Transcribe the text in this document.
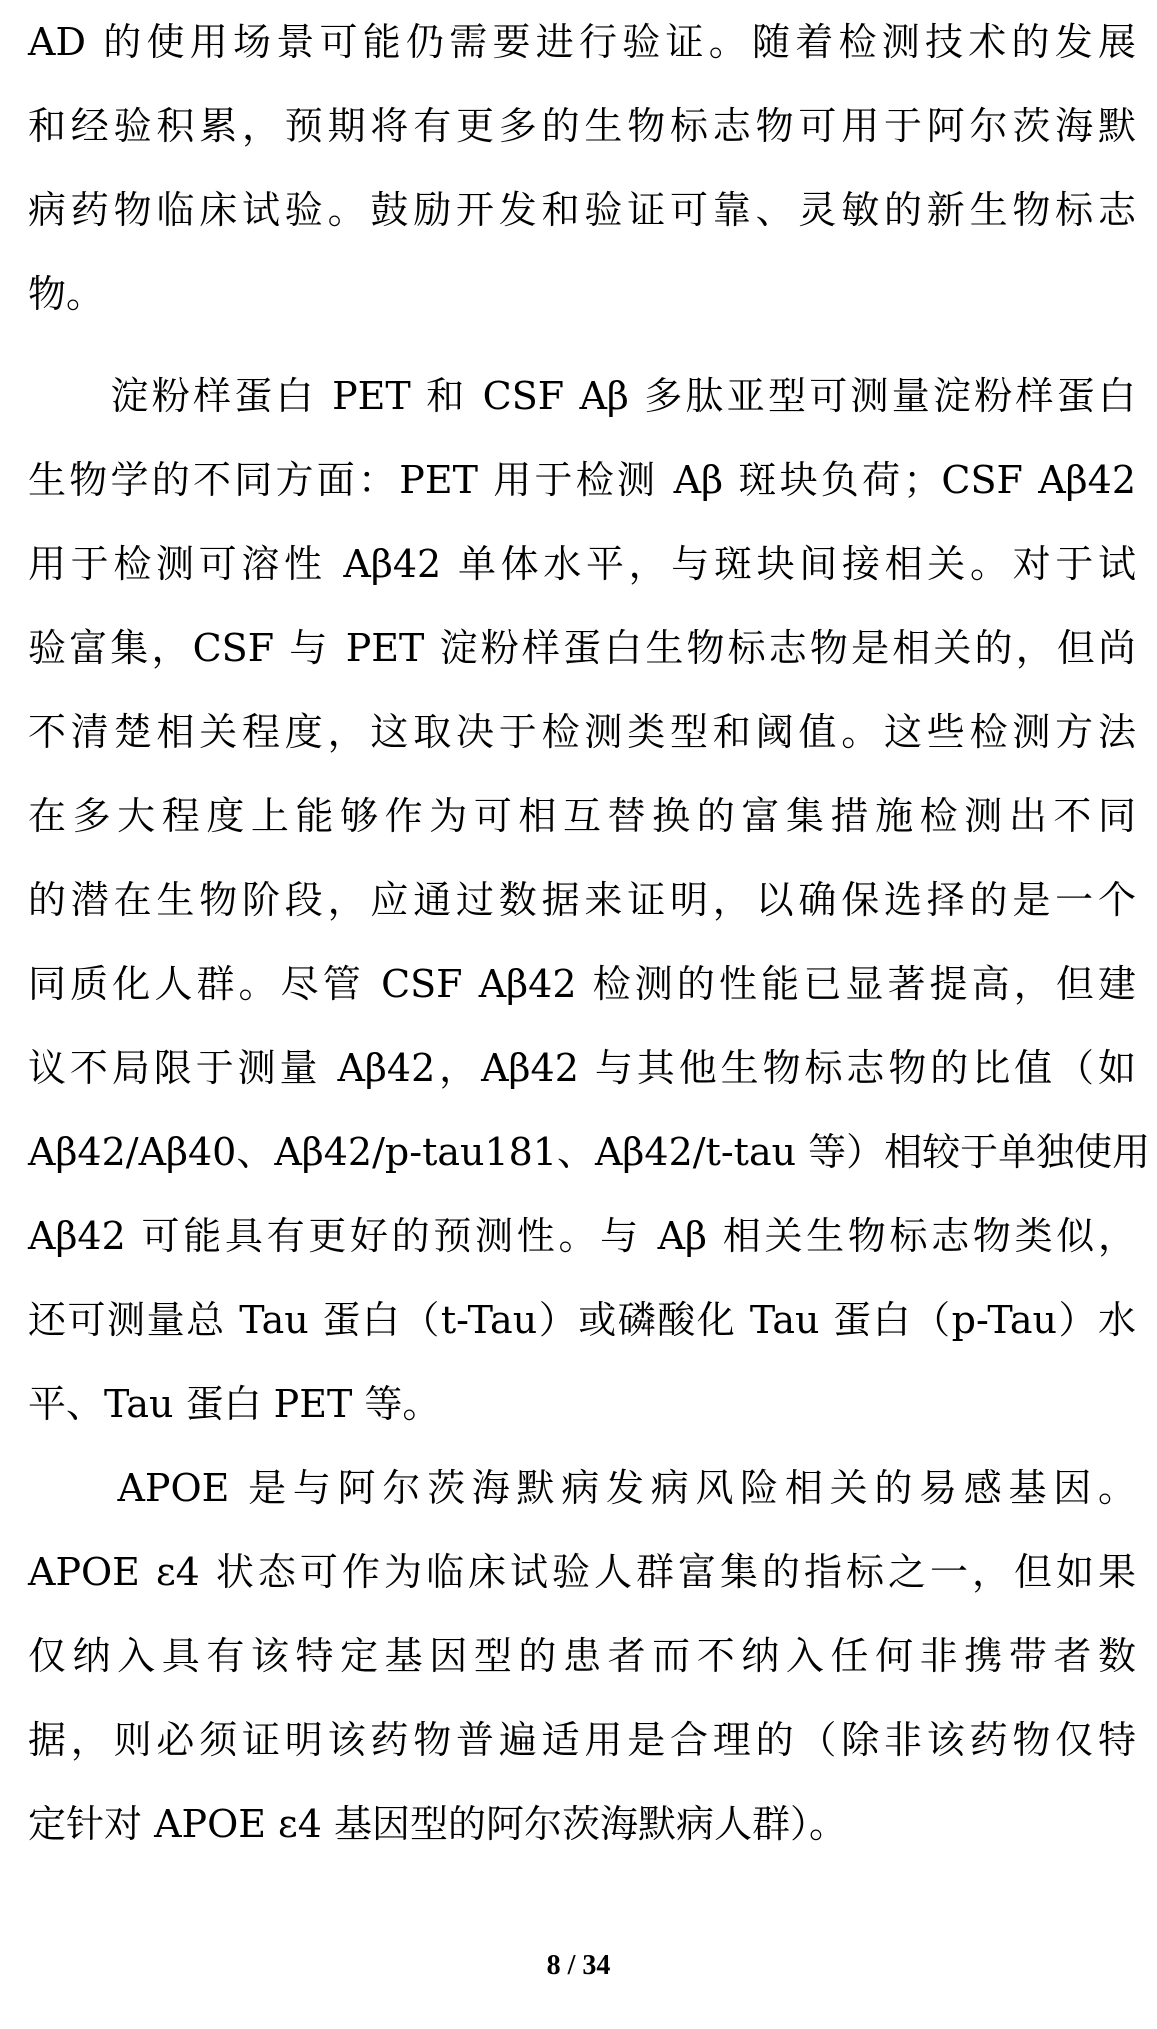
AD 的使用场景可能仍需要进行验证。随着检测技术的发展
和经验积累，预期将有更多的生物标志物可用于阿尔茨海默
病药物临床试验。鼓励开发和验证可靠、灵敏的新生物标志
物。
　　淀粉样蛋白 PET 和 CSF Aβ 多肽亚型可测量淀粉样蛋白
生物学的不同方面：PET 用于检测 Aβ 斑块负荷；CSF Aβ42
用于检测可溶性 Aβ42 单体水平，与斑块间接相关。对于试
验富集，CSF 与 PET 淀粉样蛋白生物标志物是相关的，但尚
不清楚相关程度，这取决于检测类型和阈值。这些检测方法
在多大程度上能够作为可相互替换的富集措施检测出不同
的潜在生物阶段，应通过数据来证明，以确保选择的是一个
同质化人群。尽管 CSF Aβ42 检测的性能已显著提高，但建
议不局限于测量 Aβ42，Aβ42 与其他生物标志物的比值（如
Aβ42/Aβ40、Aβ42/p-tau181、Aβ42/t-tau 等）相较于单独使用
Aβ42 可能具有更好的预测性。与 Aβ 相关生物标志物类似，
还可测量总 Tau 蛋白（t-Tau）或磷酸化 Tau 蛋白（p-Tau）水
平、Tau 蛋白 PET 等。
　　APOE 是与阿尔茨海默病发病风险相关的易感基因。
APOE ε4 状态可作为临床试验人群富集的指标之一，但如果
仅纳入具有该特定基因型的患者而不纳入任何非携带者数
据，则必须证明该药物普遍适用是合理的（除非该药物仅特
定针对 APOE ε4 基因型的阿尔茨海默病人群）。
8 / 34
